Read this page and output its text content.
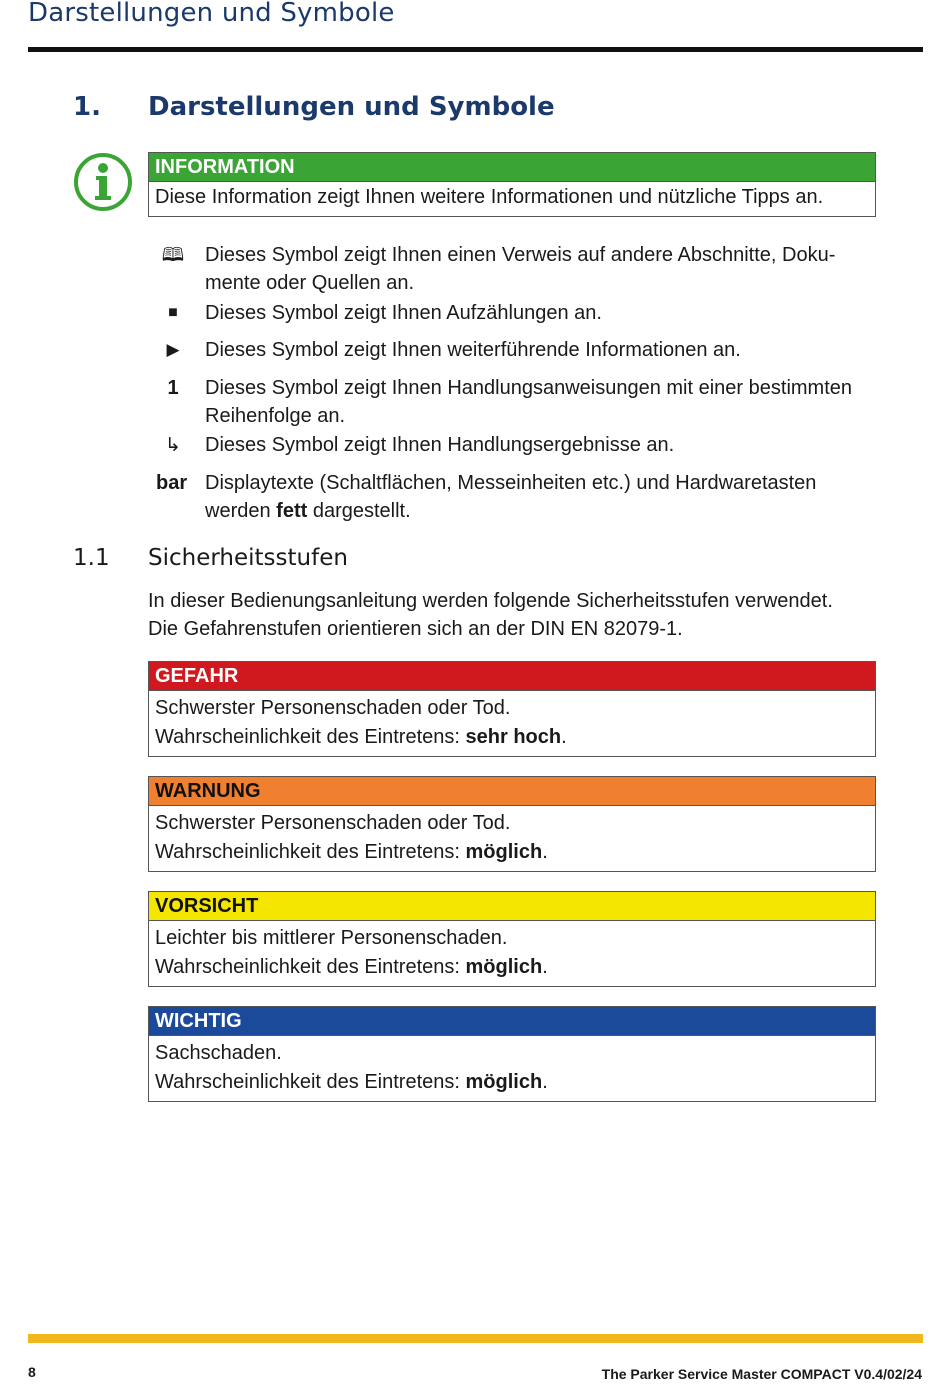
Darstellungen und Symbole
1. Darstellungen und Symbole
INFORMATION
Diese Information zeigt Ihnen weitere Informationen und nützliche Tipps an.
🕮	Dieses Symbol zeigt Ihnen einen Verweis auf andere Abschnitte, Doku-
mente oder Quellen an.
■	Dieses Symbol zeigt Ihnen Aufzählungen an.
▶	Dieses Symbol zeigt Ihnen weiterführende Informationen an.
1	Dieses Symbol zeigt Ihnen Handlungsanweisungen mit einer bestimmten
Reihenfolge an.
↳	Dieses Symbol zeigt Ihnen Handlungsergebnisse an.
bar Displaytexte (Schaltflächen, Messeinheiten etc.) und Hardwaretasten
werden fett dargestellt.
1.1 Sicherheitsstufen
In dieser Bedienungsanleitung werden folgende Sicherheitsstufen verwendet.
Die Gefahrenstufen orientieren sich an der DIN EN 82079-1.
GEFAHR
Schwerster Personenschaden oder Tod.
Wahrscheinlichkeit des Eintretens: sehr hoch.
WARNUNG
Schwerster Personenschaden oder Tod.
Wahrscheinlichkeit des Eintretens: möglich.
VORSICHT
Leichter bis mittlerer Personenschaden.
Wahrscheinlichkeit des Eintretens: möglich.
WICHTIG
Sachschaden.
Wahrscheinlichkeit des Eintretens: möglich.
8	The Parker Service Master COMPACT V0.4/02/24
